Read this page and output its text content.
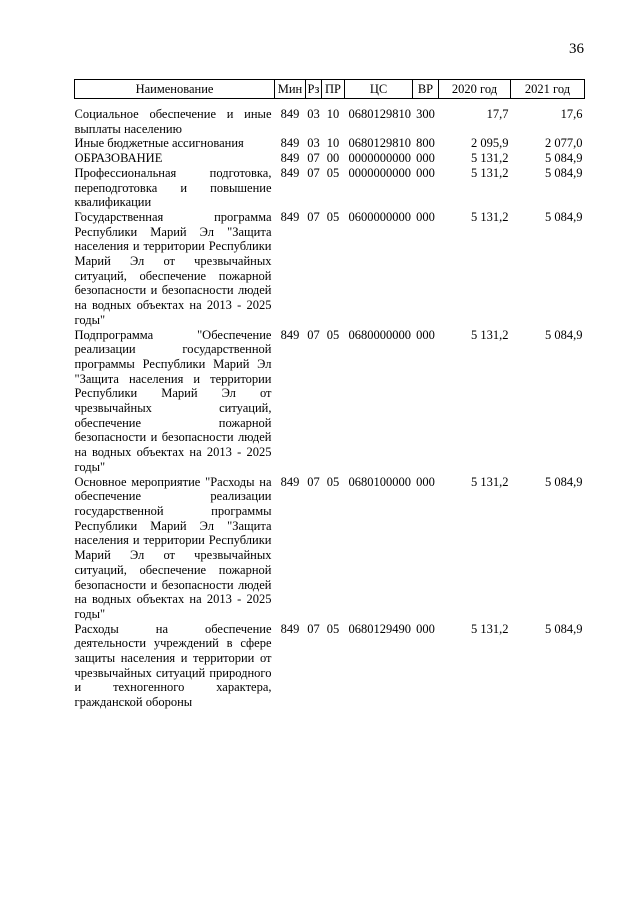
36
Наименование	Мин	Рз	ПР	ЦС	ВР	2020 год	2021 год
Социальное обеспечение и иные выплаты населению	849	03	10	0680129810	300	17,7	17,6
Иные бюджетные ассигнования	849	03	10	0680129810	800	2 095,9	2 077,0
ОБРАЗОВАНИЕ	849	07	00	0000000000	000	5 131,2	5 084,9
Профессиональная подготовка, переподготовка и повышение квалификации	849	07	05	0000000000	000	5 131,2	5 084,9
Государственная программа Республики Марий Эл "Защита населения и территории Республики Марий Эл от чрезвычайных ситуаций, обеспечение пожарной безопасности и безопасности людей на водных объектах на 2013 - 2025 годы"	849	07	05	0600000000	000	5 131,2	5 084,9
Подпрограмма "Обеспечение реализации государственной программы Республики Марий Эл "Защита населения и территории Республики Марий Эл от чрезвычайных ситуаций, обеспечение пожарной безопасности и безопасности людей на водных объектах на 2013 - 2025 годы"	849	07	05	0680000000	000	5 131,2	5 084,9
Основное мероприятие "Расходы на обеспечение реализации государственной программы Республики Марий Эл "Защита населения и территории Республики Марий Эл от чрезвычайных ситуаций, обеспечение пожарной безопасности и безопасности людей на водных объектах на 2013 - 2025 годы"	849	07	05	0680100000	000	5 131,2	5 084,9
Расходы на обеспечение деятельности учреждений в сфере защиты населения и территории от чрезвычайных ситуаций природного и техногенного характера, гражданской обороны	849	07	05	0680129490	000	5 131,2	5 084,9
